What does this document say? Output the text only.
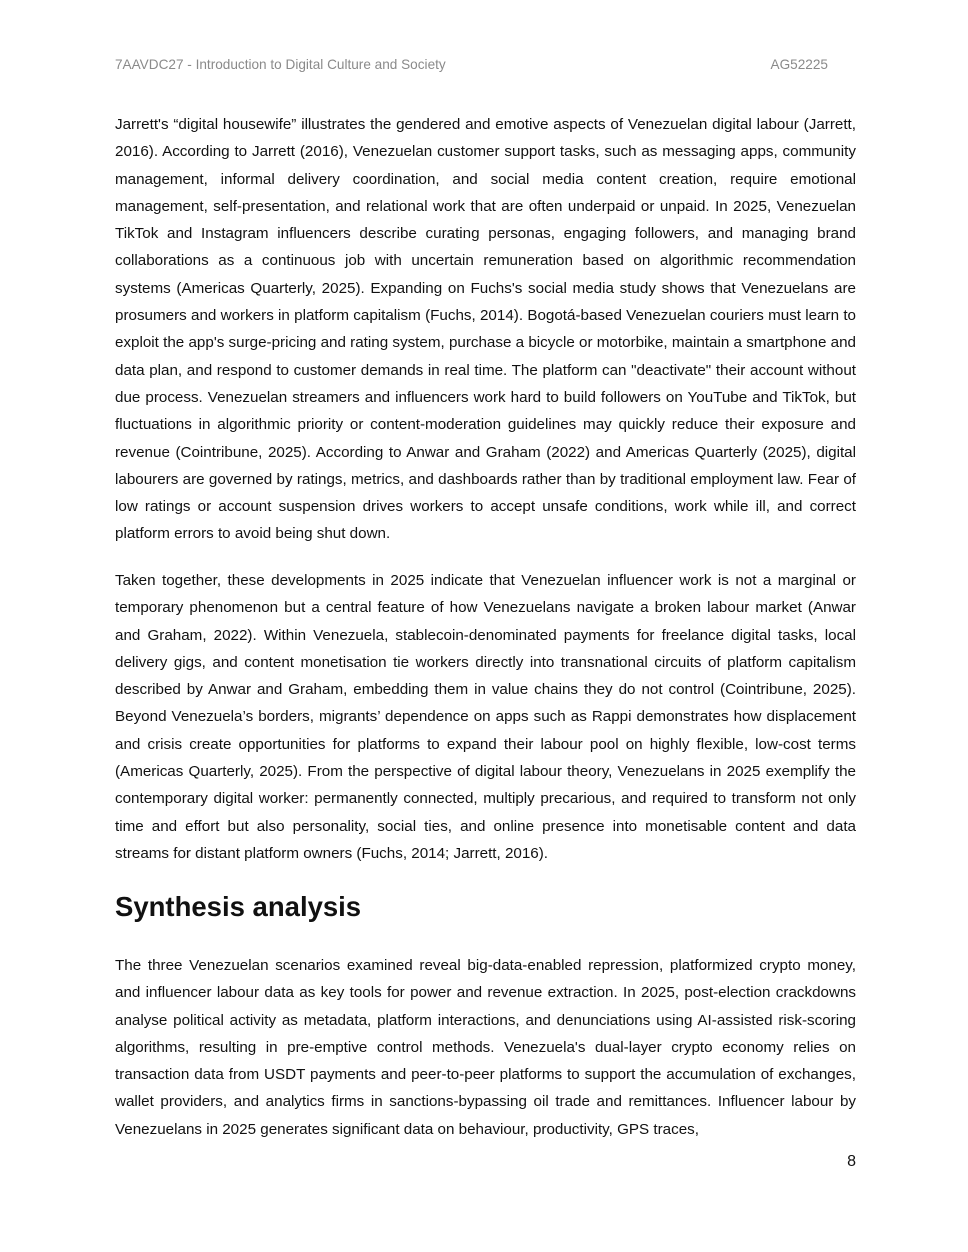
7AAVDC27 - Introduction to Digital Culture and Society	AG52225

Jarrett's “digital housewife” illustrates the gendered and emotive aspects of Venezuelan digital labour (Jarrett, 2016). According to Jarrett (2016), Venezuelan customer support tasks, such as messaging apps, community management, informal delivery coordination, and social media content creation, require emotional management, self-presentation, and relational work that are often underpaid or unpaid. In 2025, Venezuelan TikTok and Instagram influencers describe curating personas, engaging followers, and managing brand collaborations as a continuous job with uncertain remuneration based on algorithmic recommendation systems (Americas Quarterly, 2025). Expanding on Fuchs's social media study shows that Venezuelans are prosumers and workers in platform capitalism (Fuchs, 2014). Bogotá-based Venezuelan couriers must learn to exploit the app's surge-pricing and rating system, purchase a bicycle or motorbike, maintain a smartphone and data plan, and respond to customer demands in real time. The platform can "deactivate" their account without due process. Venezuelan streamers and influencers work hard to build followers on YouTube and TikTok, but fluctuations in algorithmic priority or content-moderation guidelines may quickly reduce their exposure and revenue (Cointribune, 2025). According to Anwar and Graham (2022) and Americas Quarterly (2025), digital labourers are governed by ratings, metrics, and dashboards rather than by traditional employment law. Fear of low ratings or account suspension drives workers to accept unsafe conditions, work while ill, and correct platform errors to avoid being shut down.

Taken together, these developments in 2025 indicate that Venezuelan influencer work is not a marginal or temporary phenomenon but a central feature of how Venezuelans navigate a broken labour market (Anwar and Graham, 2022). Within Venezuela, stablecoin-denominated payments for freelance digital tasks, local delivery gigs, and content monetisation tie workers directly into transnational circuits of platform capitalism described by Anwar and Graham, embedding them in value chains they do not control (Cointribune, 2025). Beyond Venezuela’s borders, migrants’ dependence on apps such as Rappi demonstrates how displacement and crisis create opportunities for platforms to expand their labour pool on highly flexible, low-cost terms (Americas Quarterly, 2025). From the perspective of digital labour theory, Venezuelans in 2025 exemplify the contemporary digital worker: permanently connected, multiply precarious, and required to transform not only time and effort but also personality, social ties, and online presence into monetisable content and data streams for distant platform owners (Fuchs, 2014; Jarrett, 2016).

Synthesis analysis

The three Venezuelan scenarios examined reveal big-data-enabled repression, platformized crypto money, and influencer labour data as key tools for power and revenue extraction. In 2025, post-election crackdowns analyse political activity as metadata, platform interactions, and denunciations using AI-assisted risk-scoring algorithms, resulting in pre-emptive control methods. Venezuela's dual-layer crypto economy relies on transaction data from USDT payments and peer-to-peer platforms to support the accumulation of exchanges, wallet providers, and analytics firms in sanctions-bypassing oil trade and remittances. Influencer labour by Venezuelans in 2025 generates significant data on behaviour, productivity, GPS traces,

8
